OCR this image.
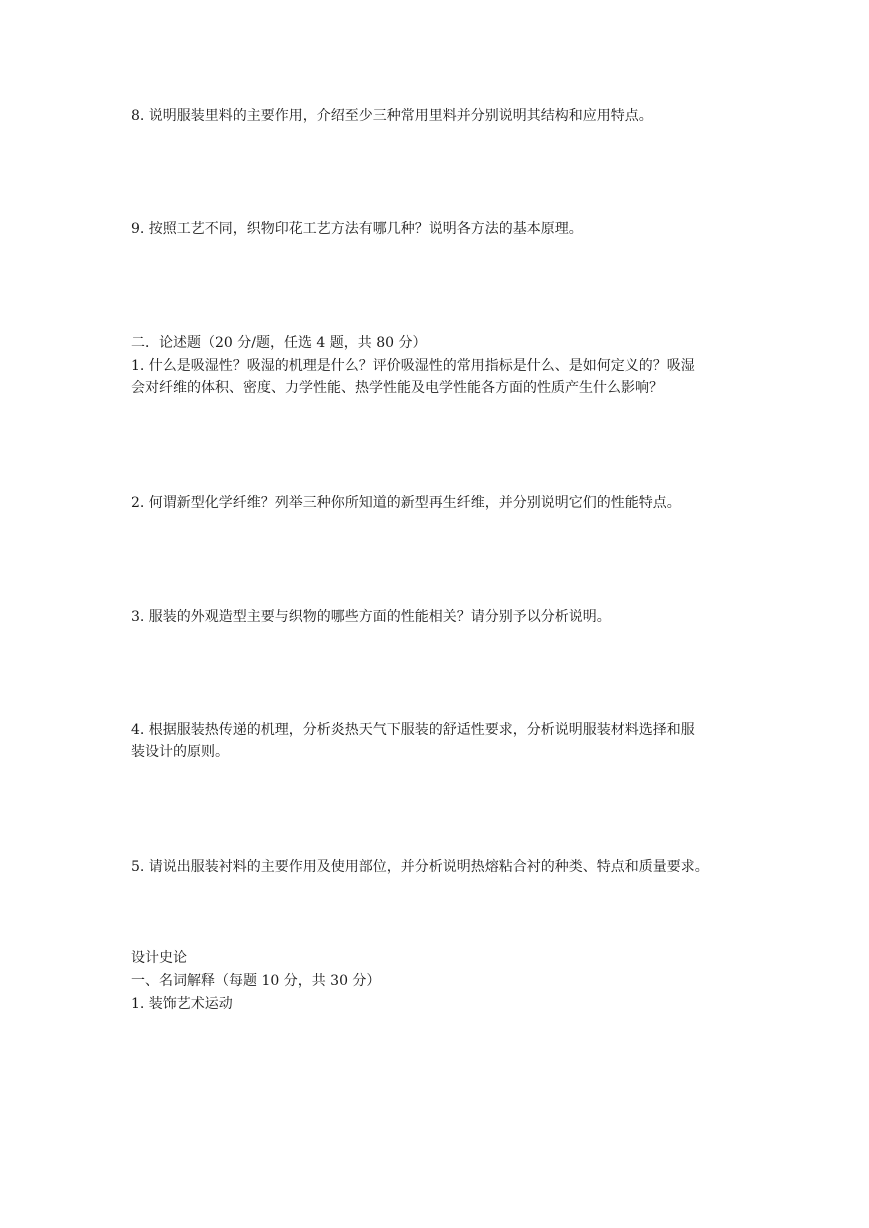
8. 说明服装里料的主要作用，介绍至少三种常用里料并分别说明其结构和应用特点。
9. 按照工艺不同，织物印花工艺方法有哪几种？说明各方法的基本原理。
二．论述题（20 分/题，任选 4 题，共 80 分）
1. 什么是吸湿性？吸湿的机理是什么？评价吸湿性的常用指标是什么、是如何定义的？吸湿
会对纤维的体积、密度、力学性能、热学性能及电学性能各方面的性质产生什么影响？
2. 何谓新型化学纤维？列举三种你所知道的新型再生纤维，并分别说明它们的性能特点。
3. 服装的外观造型主要与织物的哪些方面的性能相关？请分别予以分析说明。
4. 根据服装热传递的机理，分析炎热天气下服装的舒适性要求，分析说明服装材料选择和服
装设计的原则。
5. 请说出服装衬料的主要作用及使用部位，并分析说明热熔粘合衬的种类、特点和质量要求。
设计史论
一、名词解释（每题 10 分，共 30 分）
1. 装饰艺术运动
